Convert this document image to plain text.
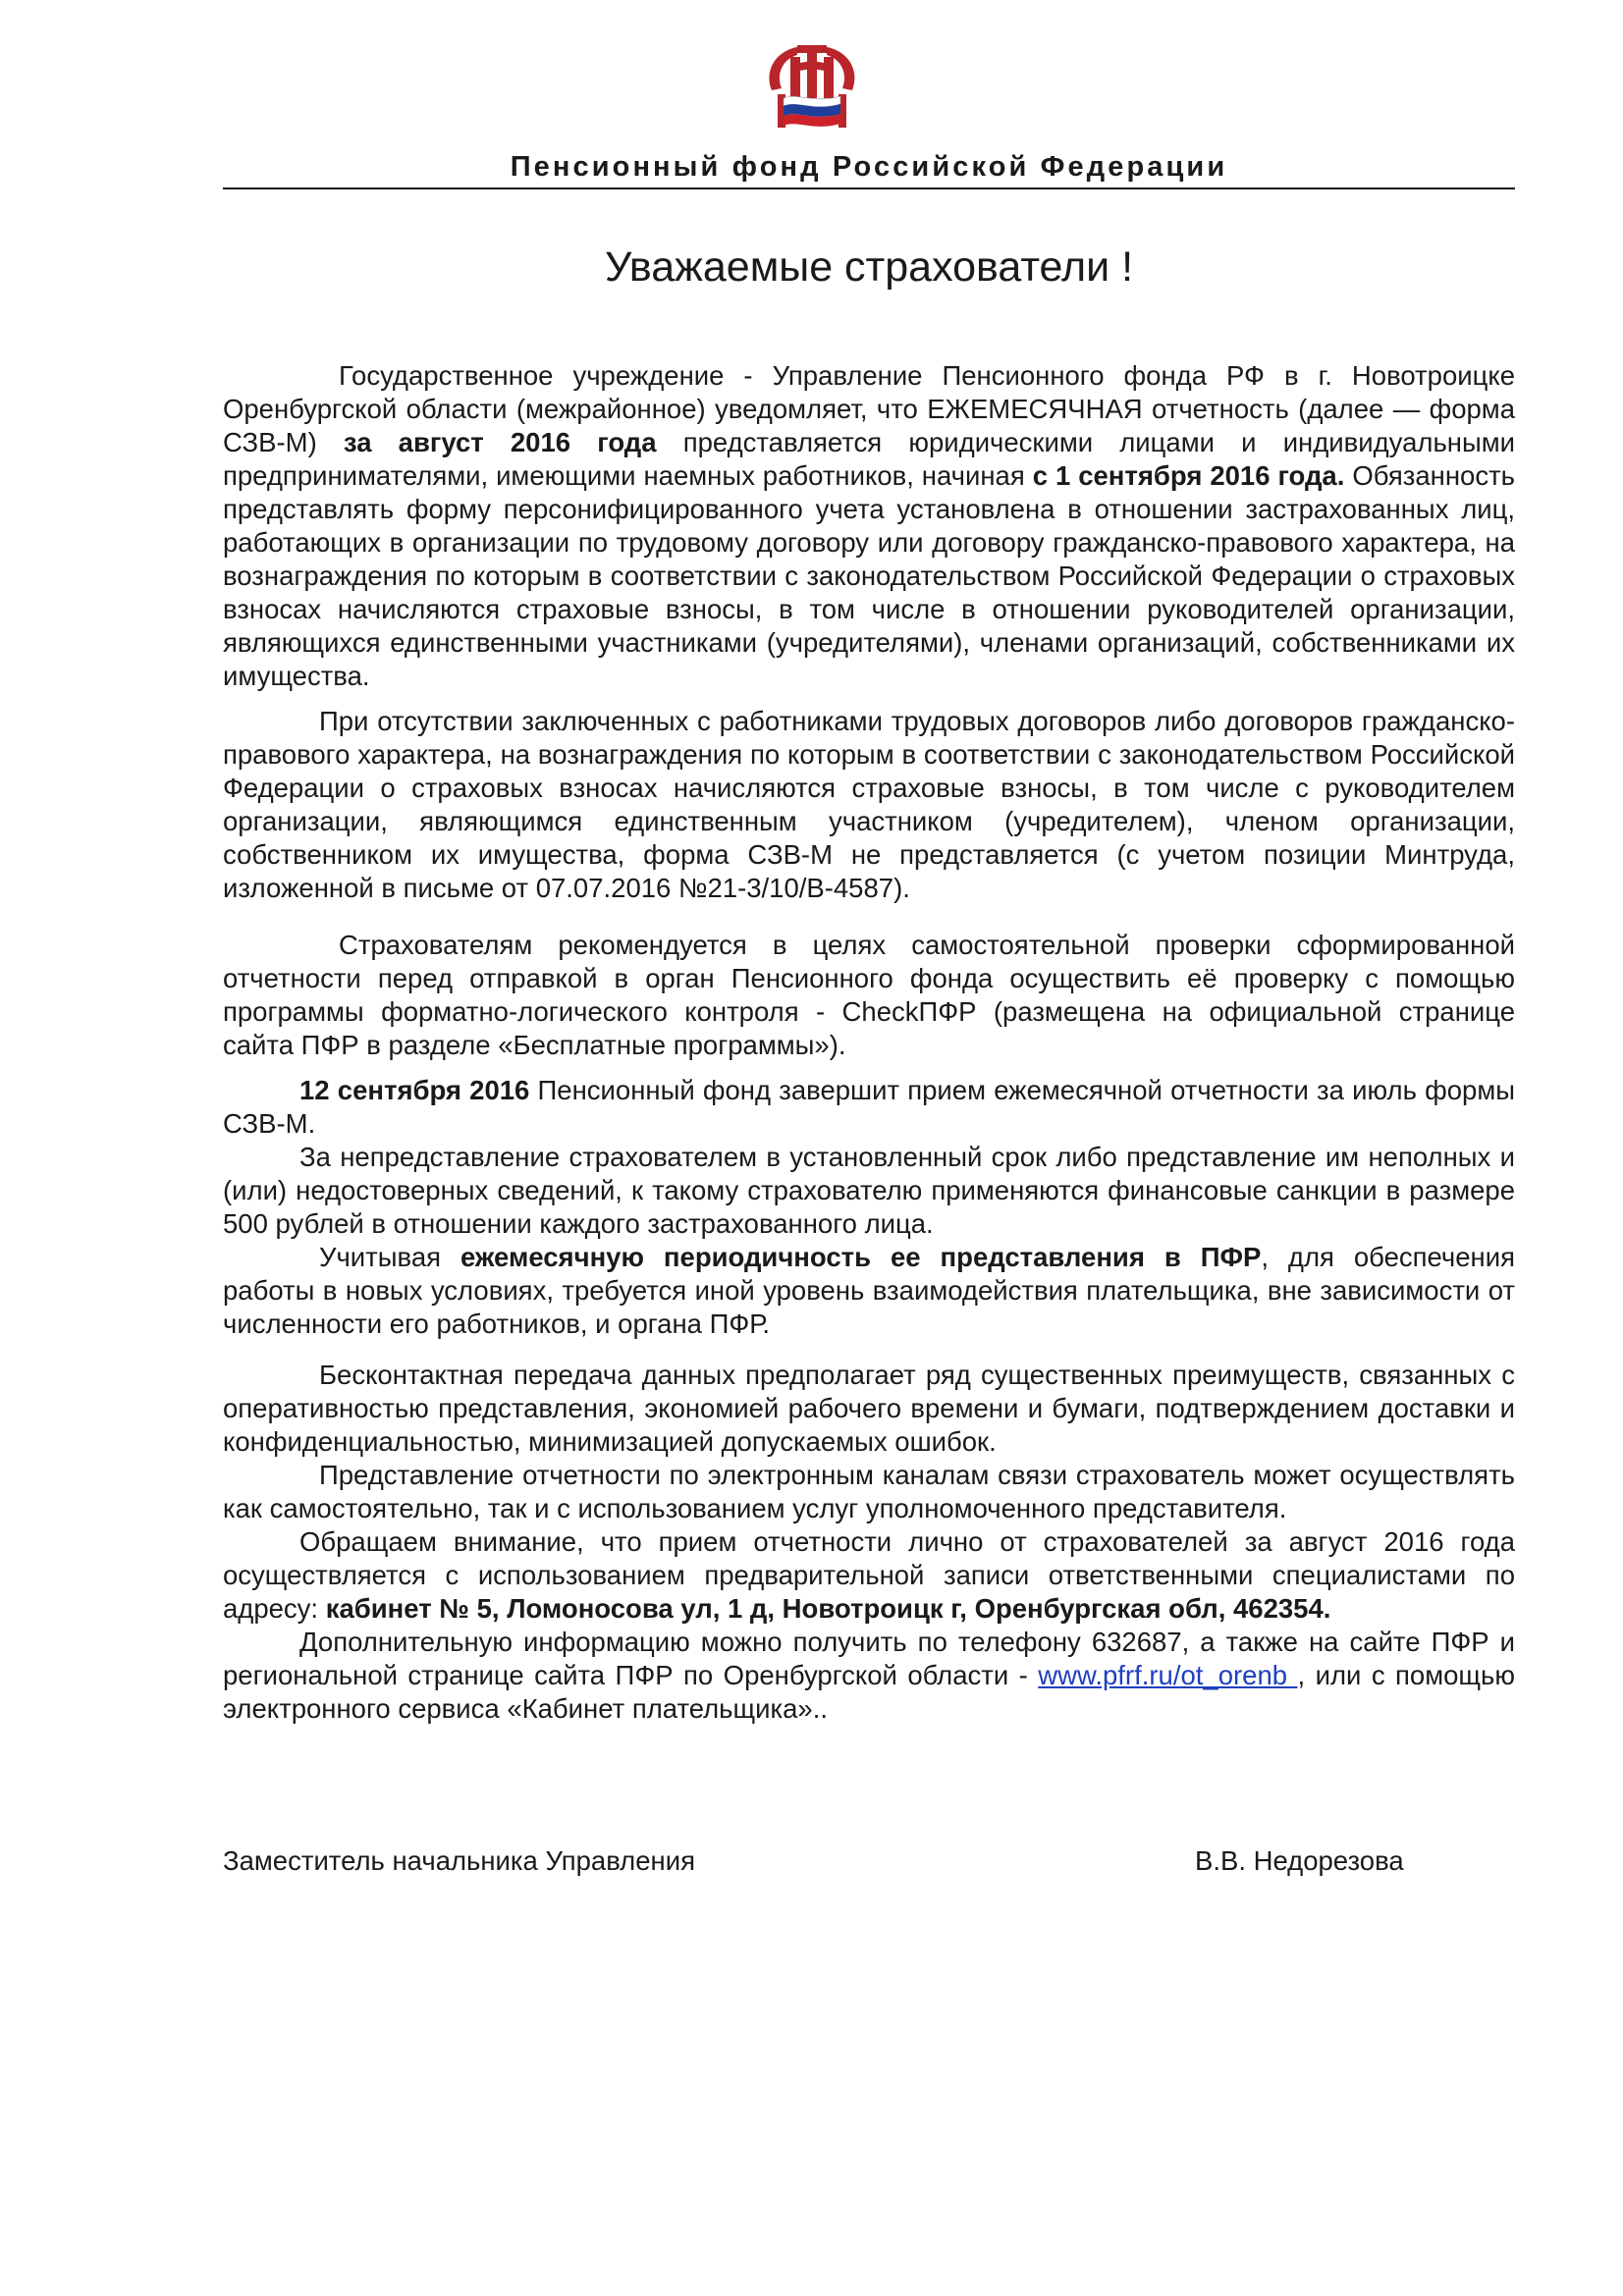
Пенсионный фонд Российской Федерации
Уважаемые страхователи !

Государственное учреждение - Управление Пенсионного фонда РФ в г. Новотроицке Оренбургской области (межрайонное) уведомляет, что ЕЖЕМЕСЯЧНАЯ отчетность (далее — форма СЗВ-М) за август 2016 года представляется юридическими лицами и индивидуальными предпринимателями, имеющими наемных работников, начиная с 1 сентября 2016 года. Обязанность представлять форму персонифицированного учета установлена в отношении застрахованных лиц, работающих в организации по трудовому договору или договору гражданско-правового характера, на вознаграждения по которым в соответствии с законодательством Российской Федерации о страховых взносах начисляются страховые взносы, в том числе в отношении руководителей организации, являющихся единственными участниками (учредителями), членами организаций, собственниками их имущества.

При отсутствии заключенных с работниками трудовых договоров либо договоров гражданско-правового характера, на вознаграждения по которым в соответствии с законодательством Российской Федерации о страховых взносах начисляются страховые взносы, в том числе с руководителем организации, являющимся единственным участником (учредителем), членом организации, собственником их имущества, форма СЗВ-М не представляется (с учетом позиции Минтруда, изложенной в письме от 07.07.2016 №21-3/10/В-4587).

Страхователям рекомендуется в целях самостоятельной проверки сформированной отчетности перед отправкой в орган Пенсионного фонда осуществить её проверку с помощью программы форматно-логического контроля - CheckПФР (размещена на официальной странице сайта ПФР в разделе «Бесплатные программы»).

12 сентября 2016 Пенсионный фонд завершит прием ежемесячной отчетности за июль формы СЗВ-М.

За непредставление страхователем в установленный срок либо представление им неполных и (или) недостоверных сведений, к такому страхователю применяются финансовые санкции в размере 500 рублей в отношении каждого застрахованного лица.

Учитывая ежемесячную периодичность ее представления в ПФР, для обеспечения работы в новых условиях, требуется иной уровень взаимодействия плательщика, вне зависимости от численности его работников, и органа ПФР.

Бесконтактная передача данных предполагает ряд существенных преимуществ, связанных с оперативностью представления, экономией рабочего времени и бумаги, подтверждением доставки и конфиденциальностью, минимизацией допускаемых ошибок.

Представление отчетности по электронным каналам связи страхователь может осуществлять как самостоятельно, так и с использованием услуг уполномоченного представителя.

Обращаем внимание, что прием отчетности лично от страхователей за август 2016 года осуществляется с использованием предварительной записи ответственными специалистами по адресу: кабинет № 5, Ломоносова ул, 1 д, Новотроицк г, Оренбургская обл, 462354.

Дополнительную информацию можно получить по телефону 632687, а также на сайте ПФР и региональной странице сайта ПФР по Оренбургской области - www.pfrf.ru/ot_orenb , или с помощью электронного сервиса «Кабинет плательщика»..

Заместитель начальника Управления	В.В. Недорезова
